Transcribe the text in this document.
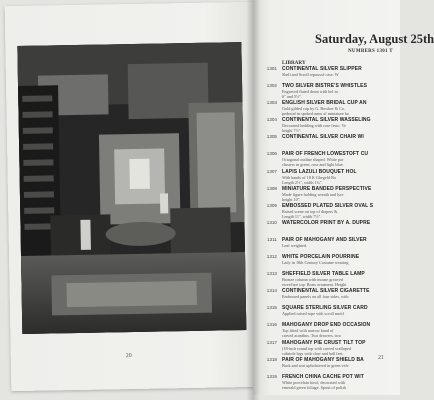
20
Saturday, August 25th
NUMBERS 1301 T
LIBRARY
1301 CONTINENTAL SILVER SLIPPER
Shell and Scroll repoussé case. W
1302 TWO SILVER BISTRE'S WHISTLES
Engraved fluted drum with bel in
6" and 5½".
1303 ENGLISH SILVER BRIDAL CUP AN
Gold gilded cup by G. Bowker & Co.
pedestal in spoked arms of miniature bo
1304 CONTINENTAL SILVER WASSELING
Decorated bedding with rose festo. Ve
height 7½".
1305 CONTINENTAL SILVER CHAIR WI
1306 PAIR OF FRENCH LOWESTOFT CU
Octagonal outline shaped. White por
clusters in green, rose and light blue.
1307 LAPIS LAZULI BOUQUET HOL
With bands of 18 K Ghegeld Ba
Length 2½", width 1¾".
1308 MINIATURE BANDED PERSPECTIVE
Made figure holding wreath and lyre
height 10".
1309 EMBOSSED PLATED SILVER OVAL S
Raised scene on top of diapers &
Length 11", width 7½".
1310 WATERCOLOR PRINT BY A. DUPRE
1311 PAIR OF MAHOGANY AND SILVER
Leaf weighted.
1312 WHITE PORCELAIN POURRINE
Lady in 18th Century Costume wearing
1313 SHEFFIELD SILVER TABLE LAMP
Bronze column with mouse grooved
ewer/face top. Brass ornament. Height
1314 CONTINENTAL SILVER CIGARETTE
Embossed panels on all four sides, with
1315 SQUARE STERLING SILVER CARD
Applied raised rope with scroll motif
1316 MAHOGANY DROP END OCCASION
Top fitted with narrow band of
carved acanthus. Two drawers, two
1317 MAHOGANY PIE CRUST TILT TOP
(18-inch round top with carved scalloped
cabriole legs with claw and ball feet.
1318 PAIR OF MAHOGANY SHIELD BA
Back and seat upholstered in green velv
1319 FRENCH CHINA CACHE POT WIT
White porcelain bowl, decorated with
emerald green foliage. Spout of polish
21
